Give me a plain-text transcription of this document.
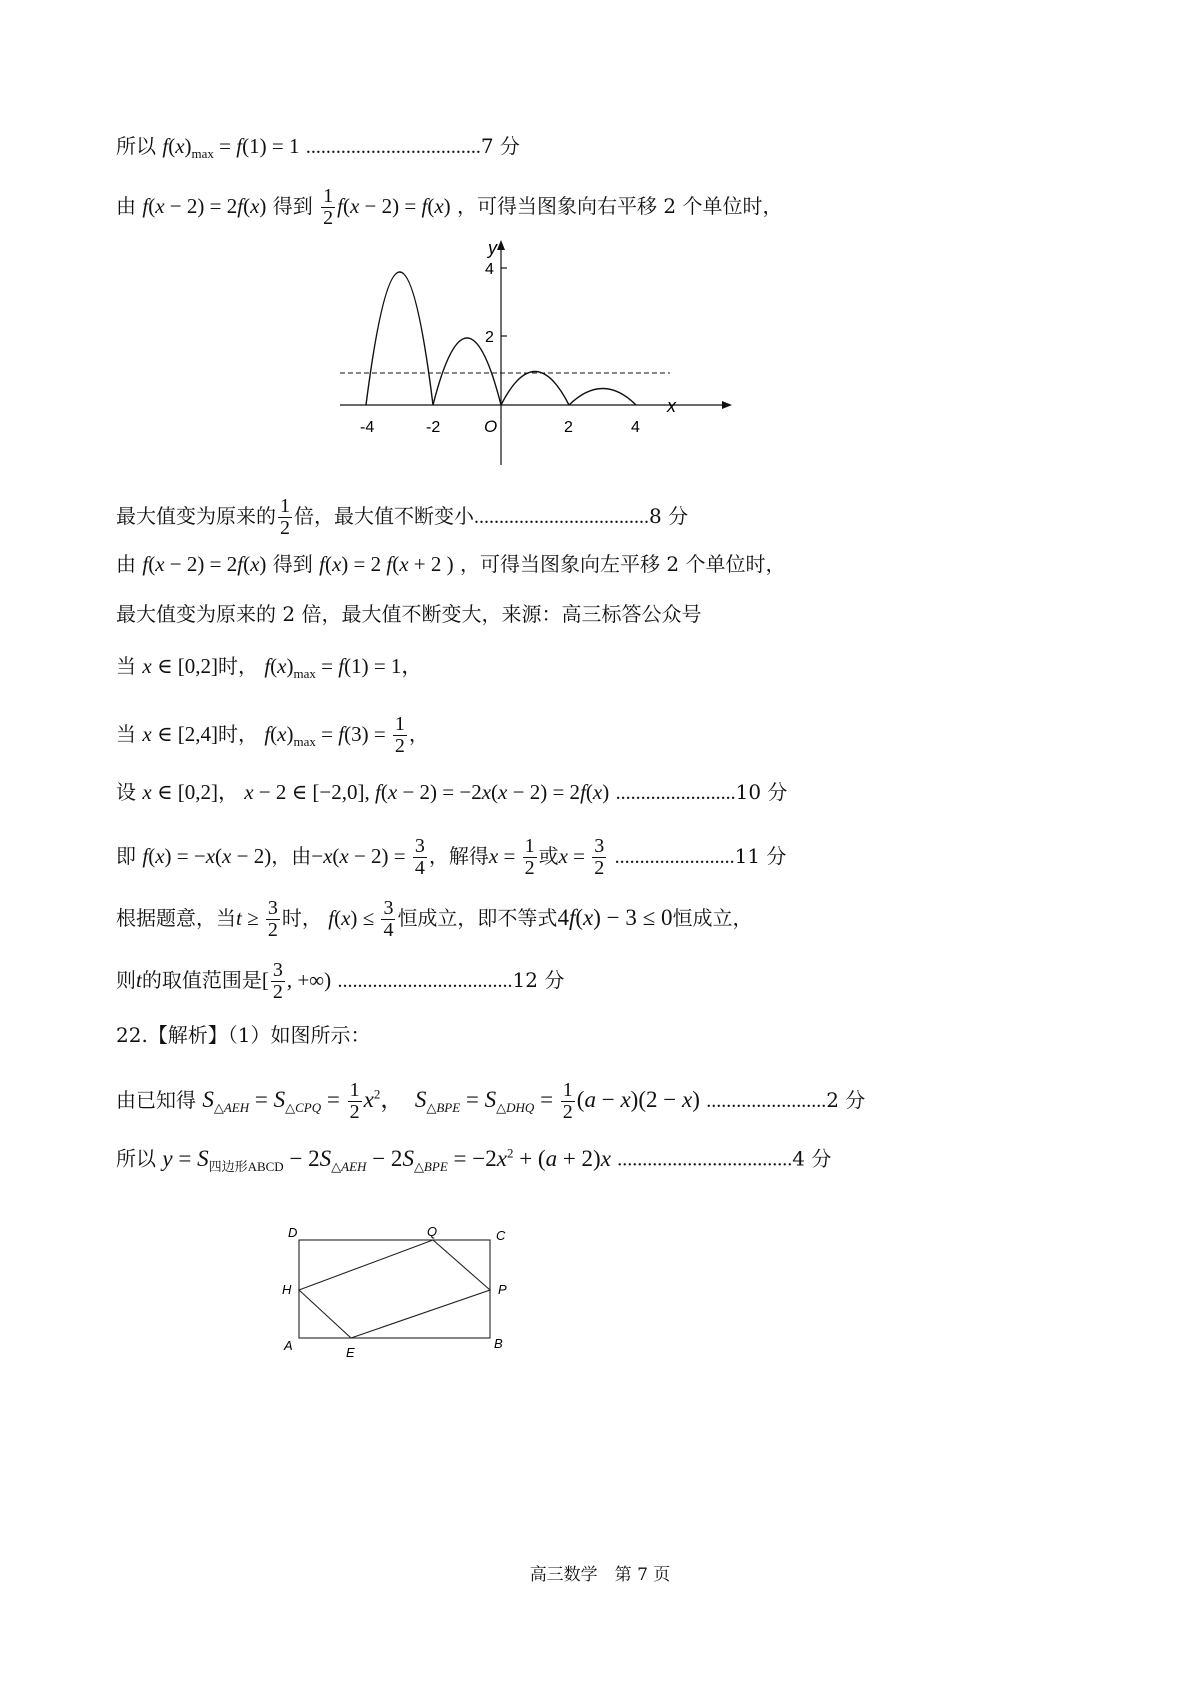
所以 $f(x)_{max} = f(1) = 1$ ...................................7 分
由 f(x − 2) = 2f(x) 得到 $\frac{1}{2} f(x - 2) = f(x)$ ，可得当图象向右平移 2 个单位时，
-4	-2	O	2	4
4
2
x
y
最大值变为原来的 $\frac{1}{2}$ 倍，最大值不断变小...................................8 分
由 f(x − 2) = 2f(x) 得到 f(x) = 2 f(x + 2 ) ，可得当图象向左平移 2 个单位时，
最大值变为原来的 2 倍，最大值不断变大，来源：高三标答公众号
当 x ∈ [0,2]时， $f(x)_{max} = f(1) = 1$，
当 x ∈ [2,4]时， $f(x)_{max} = f(3) = \frac{1}{2}$ ，
设 x ∈ [0,2]， x − 2 ∈ [−2,0], f(x − 2) = −2x(x − 2) = 2f(x) ........................10 分
即 f(x) = −x(x − 2)，由$-x(x - 2) = \frac{3}{4}$ ，解得$x = \frac{1}{2}$ 或$x = \frac{3}{2} ........................11$ 分
根据题意，当$t \ge \frac{3}{2}$ 时， $f(x) \le \frac{3}{4}$ 恒成立，即不等式4f(x) − 3 ≤ 0恒成立，
则t的取值范围是[ $\frac{3}{2}$ , +∞) ...................................12 分
22.【解析】（1）如图所示：
由已知得 $S_{\triangle AEH} = S_{\triangle CPQ} = \frac{1}{2} x^2$，  $S_{\triangle BPE} = S_{\triangle DHQ} = \frac{1}{2} (a - x)(2 - x)$ ........................2 分
所以 $y = S_{四边形ABCD} - 2S_{\triangle AEH} - 2S_{\triangle BPE} = -2x^2 + (a + 2)x$ ...................................4 分
D	Q	C
H	P
A	E
B
高三数学　第 7 页
